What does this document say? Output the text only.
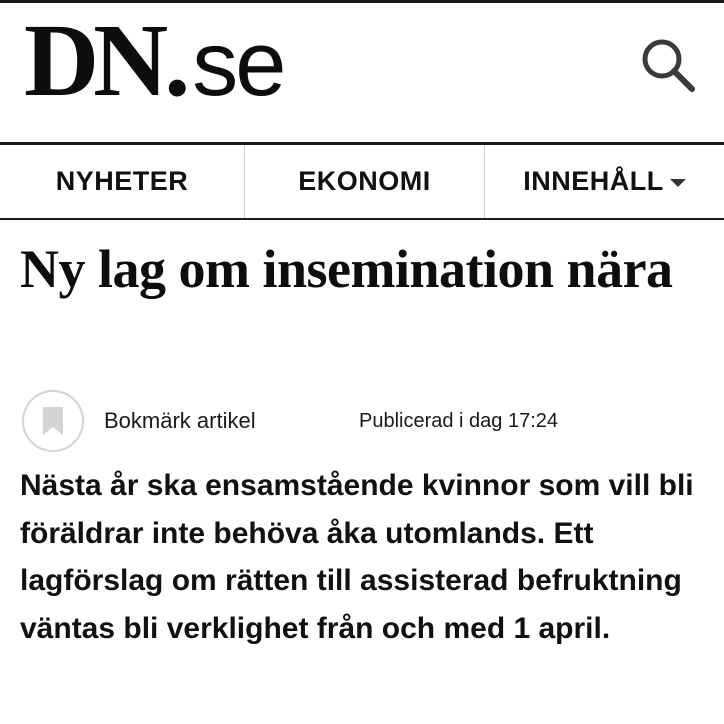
DN . se
NYHETER	EKONOMI	INNEHÅLL
Ny lag om insemination nära
Bokmärk artikel	Publicerad i dag 17:24

Nästa år ska ensamstående kvinnor som vill bli föräldrar inte behöva åka utomlands. Ett lagförslag om rätten till assisterad befruktning väntas bli verklighet från och med 1 april.
